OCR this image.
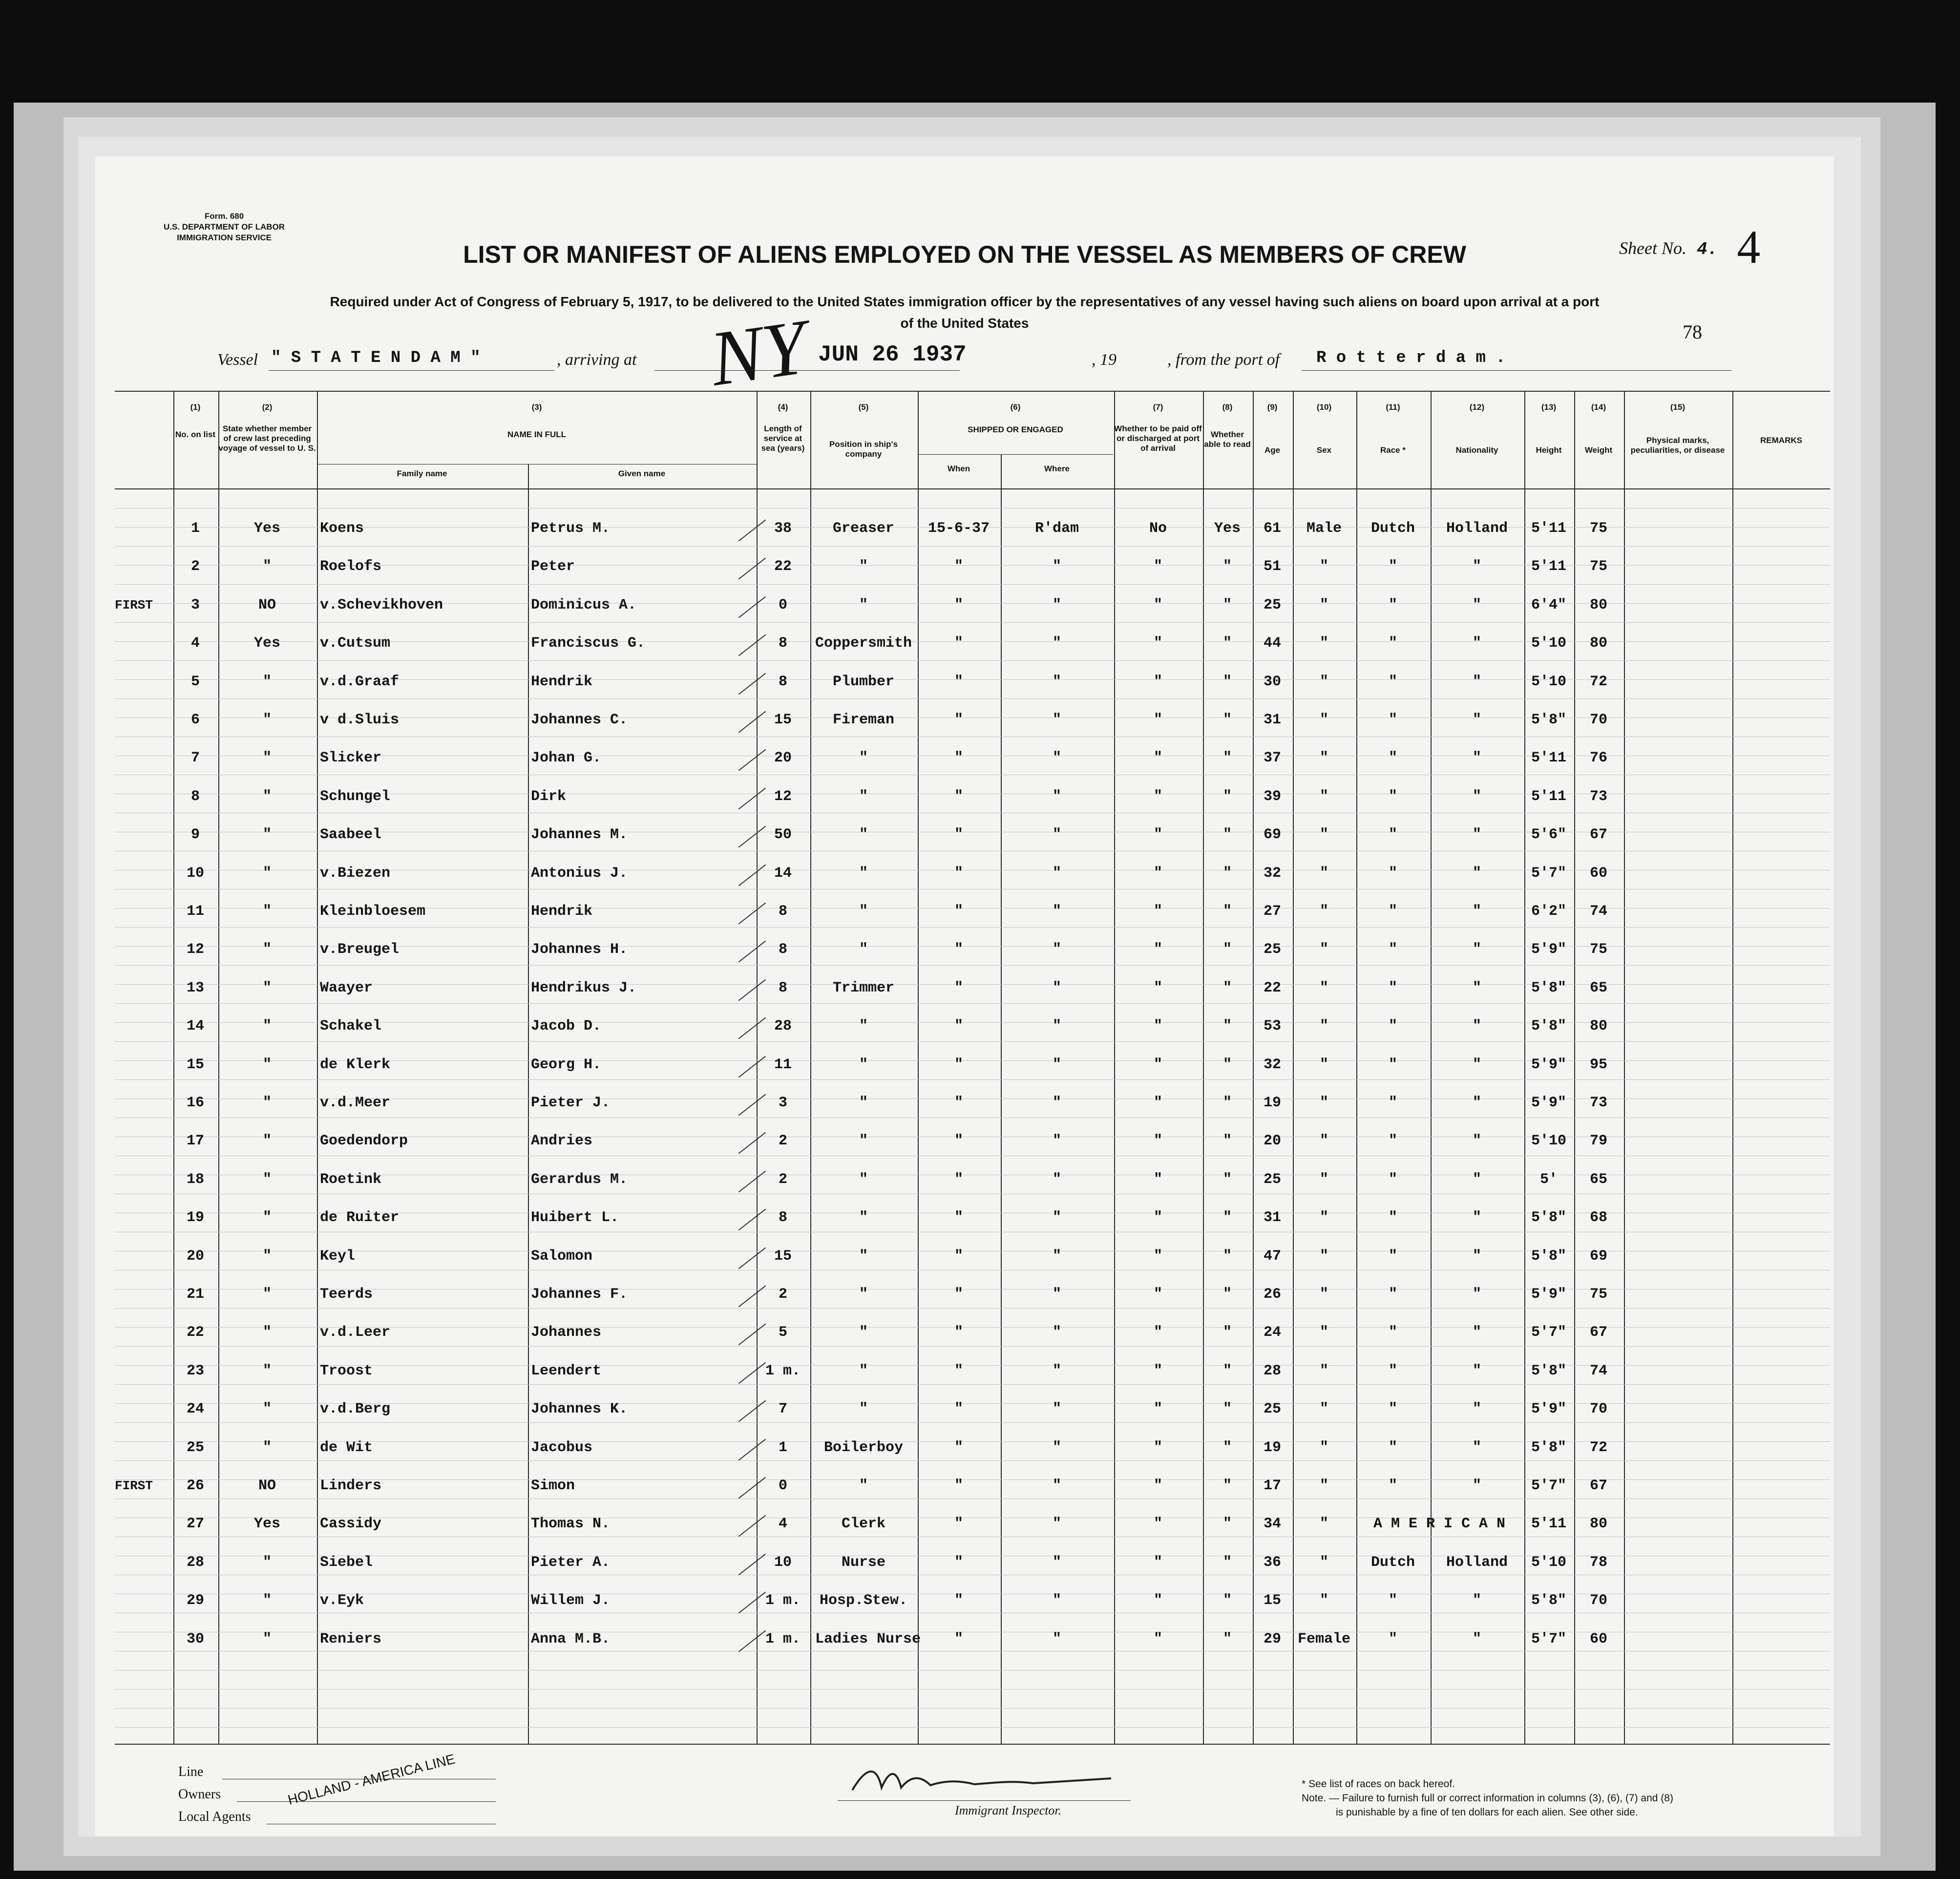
Form. 680
U.S. DEPARTMENT OF LABOR
IMMIGRATION SERVICE
Sheet No. 4. 4
LIST OR MANIFEST OF ALIENS EMPLOYED ON THE VESSEL AS MEMBERS OF CREW
Required under Act of Congress of February 5, 1917, to be delivered to the United States immigration officer by the representatives of any vessel having such aliens on board upon arrival at a port
of the United States	78
Vessel " S T A T E N D A M "	, arriving at NY JUN 26 1937	, 19	, from the port of R o t t e r d a m .
(1)
No. on list
(2)
State whether member of crew last preceding voyage of vessel to U. S.
(3)
NAME IN FULL
Family name	Given name
(4)
Length of service at sea (years)
(5)
Position in ship's company
(6)
SHIPPED OR ENGAGED
When	Where
(7)
Whether to be paid off or discharged at port of arrival
(8)
Whether able to read
(9)
Age
(10)
Sex
(11)
Race *
(12)
Nationality
(13)
Height
(14)
Weight
(15)
Physical marks, peculiarities, or disease
REMARKS
1	Yes	Koens	Petrus M.	38	Greaser	15-6-37	R'dam	No	Yes	61	Male	Dutch	Holland	5'11	75
2	"	Roelofs	Peter	22	"	"	"	"	"	51	"	"	"	5'11	75
FIRST	3	NO	v.Schevikhoven	Dominicus A.	0	"	"	"	"	"	25	"	"	"	6'4"	80
4	Yes	v.Cutsum	Franciscus G.	8	Coppersmith	"	"	"	"	44	"	"	"	5'10	80
5	"	v.d.Graaf	Hendrik	8	Plumber	"	"	"	"	30	"	"	"	5'10	72
6	"	v d.Sluis	Johannes C.	15	Fireman	"	"	"	"	31	"	"	"	5'8"	70
7	"	Slicker	Johan G.	20	"	"	"	"	"	37	"	"	"	5'11	76
8	"	Schungel	Dirk	12	"	"	"	"	"	39	"	"	"	5'11	73
9	"	Saabeel	Johannes M.	50	"	"	"	"	"	69	"	"	"	5'6"	67
10	"	v.Biezen	Antonius J.	14	"	"	"	"	"	32	"	"	"	5'7"	60
11	"	Kleinbloesem	Hendrik	8	"	"	"	"	"	27	"	"	"	6'2"	74
12	"	v.Breugel	Johannes H.	8	"	"	"	"	"	25	"	"	"	5'9"	75
13	"	Waayer	Hendrikus J.	8	Trimmer	"	"	"	"	22	"	"	"	5'8"	65
14	"	Schakel	Jacob D.	28	"	"	"	"	"	53	"	"	"	5'8"	80
15	"	de Klerk	Georg H.	11	"	"	"	"	"	32	"	"	"	5'9"	95
16	"	v.d.Meer	Pieter J.	3	"	"	"	"	"	19	"	"	"	5'9"	73
17	"	Goedendorp	Andries	2	"	"	"	"	"	20	"	"	"	5'10	79
18	"	Roetink	Gerardus M.	2	"	"	"	"	"	25	"	"	"	5'	65
19	"	de Ruiter	Huibert L.	8	"	"	"	"	"	31	"	"	"	5'8"	68
20	"	Keyl	Salomon	15	"	"	"	"	"	47	"	"	"	5'8"	69
21	"	Teerds	Johannes F.	2	"	"	"	"	"	26	"	"	"	5'9"	75
22	"	v.d.Leer	Johannes	5	"	"	"	"	"	24	"	"	"	5'7"	67
23	"	Troost	Leendert	1 m.	"	"	"	"	"	28	"	"	"	5'8"	74
24	"	v.d.Berg	Johannes K.	7	"	"	"	"	"	25	"	"	"	5'9"	70
25	"	de Wit	Jacobus	1	Boilerboy	"	"	"	"	19	"	"	"	5'8"	72
FIRST	26	NO	Linders	Simon	0	"	"	"	"	"	17	"	"	"	5'7"	67
27	Yes	Cassidy	Thomas N.	4	Clerk	"	"	"	"	34	"	A M E R I C A N	5'11	80
28	"	Siebel	Pieter A.	10	Nurse	"	"	"	"	36	"	Dutch	Holland	5'10	78
29	"	v.Eyk	Willem J.	1 m.	Hosp.Stew.	"	"	"	"	15	"	"	"	5'8"	70
30	"	Reniers	Anna M.B.	1 m.	Ladies Nurse	"	"	"	"	29	Female	"	"	5'7"	60
Line
Owners
Local Agents
HOLLAND - AMERICA LINE
Immigrant Inspector.
* See list of races on back hereof.
Note. — Failure to furnish full or correct information in columns (3), (6), (7) and (8)
is punishable by a fine of ten dollars for each alien. See other side.
